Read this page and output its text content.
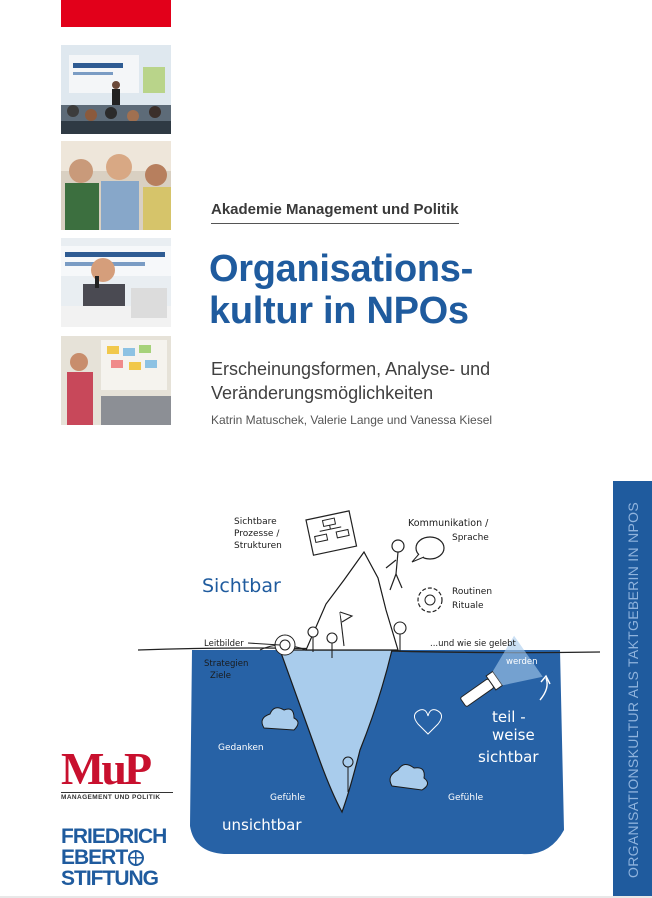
Akademie Management und Politik
Organisations-
kultur in NPOs
Erscheinungsformen, Analyse- und
Veränderungsmöglichkeiten
Katrin Matuschek, Valerie Lange und Vanessa Kiesel
ORGANISATIONSKULTUR ALS TAKTGEBERIN IN NPOS
Sichtbare
Prozesse /
Strukturen
Kommunikation /
Sprache
Routinen
Rituale
Sichtbar
Leitbilder
Strategien
Ziele
...und wie sie gelebt
werden
teil -
weise
sichtbar
Gedanken
Gefühle	Gefühle
unsichtbar
MuP
MANAGEMENT UND POLITIK
FRIEDRICH
EBERT
STIFTUNG
